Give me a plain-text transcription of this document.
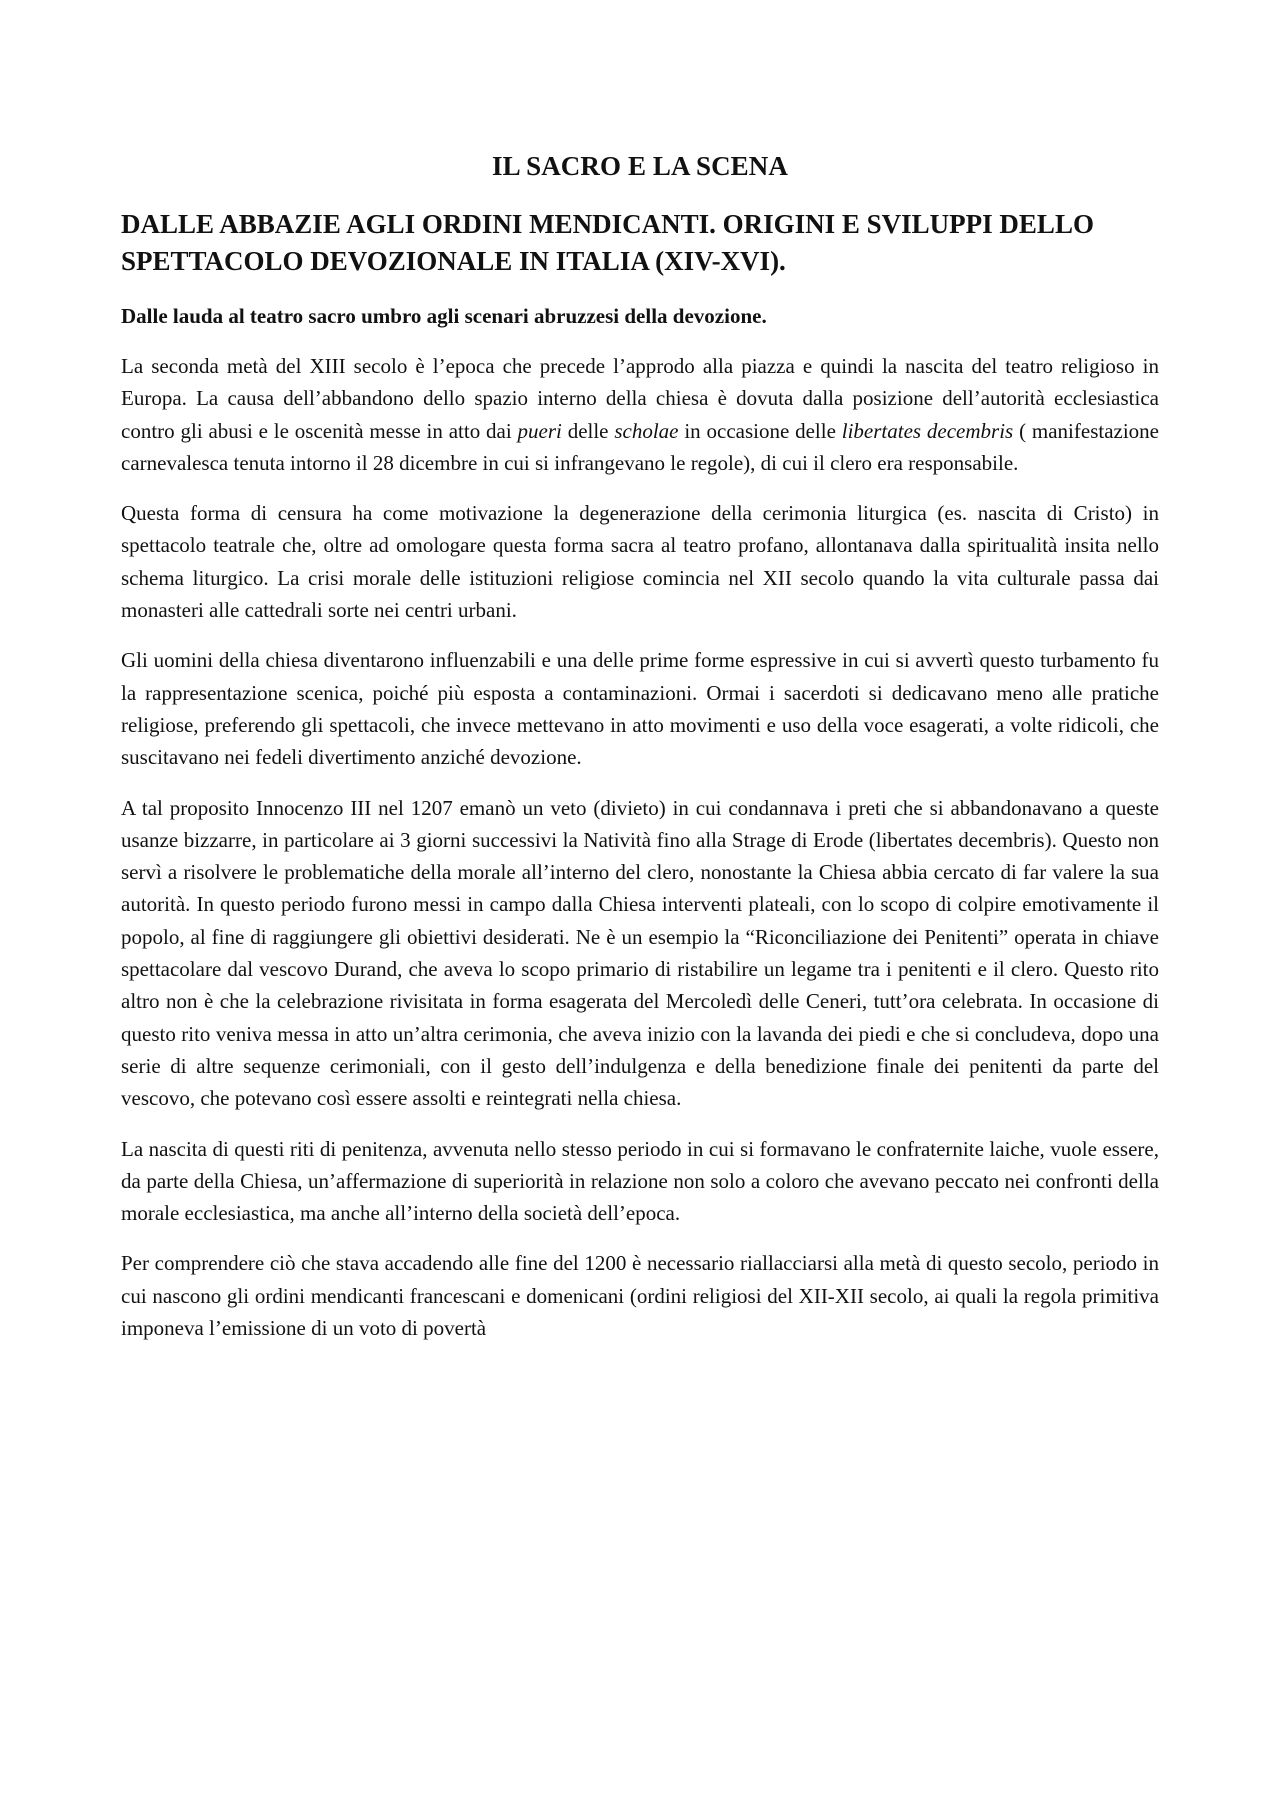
IL SACRO E LA SCENA
DALLE ABBAZIE AGLI ORDINI MENDICANTI. ORIGINI E SVILUPPI DELLO SPETTACOLO DEVOZIONALE IN ITALIA (XIV-XVI).
Dalle lauda al teatro sacro umbro agli scenari abruzzesi della devozione.

La seconda metà del XIII secolo è l’epoca che precede l’approdo alla piazza e quindi la nascita del teatro religioso in Europa. La causa dell’abbandono dello spazio interno della chiesa è dovuta dalla posizione dell’autorità ecclesiastica contro gli abusi e le oscenità messe in atto dai pueri delle scholae in occasione delle libertates decembris ( manifestazione carnevalesca tenuta intorno il 28 dicembre in cui si infrangevano le regole), di cui il clero era responsabile.

Questa forma di censura ha come motivazione la degenerazione della cerimonia liturgica (es. nascita di Cristo) in spettacolo teatrale che, oltre ad omologare questa forma sacra al teatro profano, allontanava dalla spiritualità insita nello schema liturgico. La crisi morale delle istituzioni religiose comincia nel XII secolo quando la vita culturale passa dai monasteri alle cattedrali sorte nei centri urbani.

Gli uomini della chiesa diventarono influenzabili e una delle prime forme espressive in cui si avvertì questo turbamento fu la rappresentazione scenica, poiché più esposta a contaminazioni. Ormai i sacerdoti si dedicavano meno alle pratiche religiose, preferendo gli spettacoli, che invece mettevano in atto movimenti e uso della voce esagerati, a volte ridicoli, che suscitavano nei fedeli divertimento anziché devozione.

A tal proposito Innocenzo III nel 1207 emanò un veto (divieto) in cui condannava i preti che si abbandonavano a queste usanze bizzarre, in particolare ai 3 giorni successivi la Natività fino alla Strage di Erode (libertates decembris). Questo non servì a risolvere le problematiche della morale all’interno del clero, nonostante la Chiesa abbia cercato di far valere la sua autorità. In questo periodo furono messi in campo dalla Chiesa interventi plateali, con lo scopo di colpire emotivamente il popolo, al fine di raggiungere gli obiettivi desiderati. Ne è un esempio la “Riconciliazione dei Penitenti” operata in chiave spettacolare dal vescovo Durand, che aveva lo scopo primario di ristabilire un legame tra i penitenti e il clero. Questo rito altro non è che la celebrazione rivisitata in forma esagerata del Mercoledì delle Ceneri, tutt’ora celebrata. In occasione di questo rito veniva messa in atto un’altra cerimonia, che aveva inizio con la lavanda dei piedi e che si concludeva, dopo una serie di altre sequenze cerimoniali, con il gesto dell’indulgenza e della benedizione finale dei penitenti da parte del vescovo, che potevano così essere assolti e reintegrati nella chiesa.

La nascita di questi riti di penitenza, avvenuta nello stesso periodo in cui si formavano le confraternite laiche, vuole essere, da parte della Chiesa, un’affermazione di superiorità in relazione non solo a coloro che avevano peccato nei confronti della morale ecclesiastica, ma anche all’interno della società dell’epoca.

Per comprendere ciò che stava accadendo alle fine del 1200 è necessario riallacciarsi alla metà di questo secolo, periodo in cui nascono gli ordini mendicanti francescani e domenicani (ordini religiosi del XII-XII secolo, ai quali la regola primitiva imponeva l’emissione di un voto di povertà
